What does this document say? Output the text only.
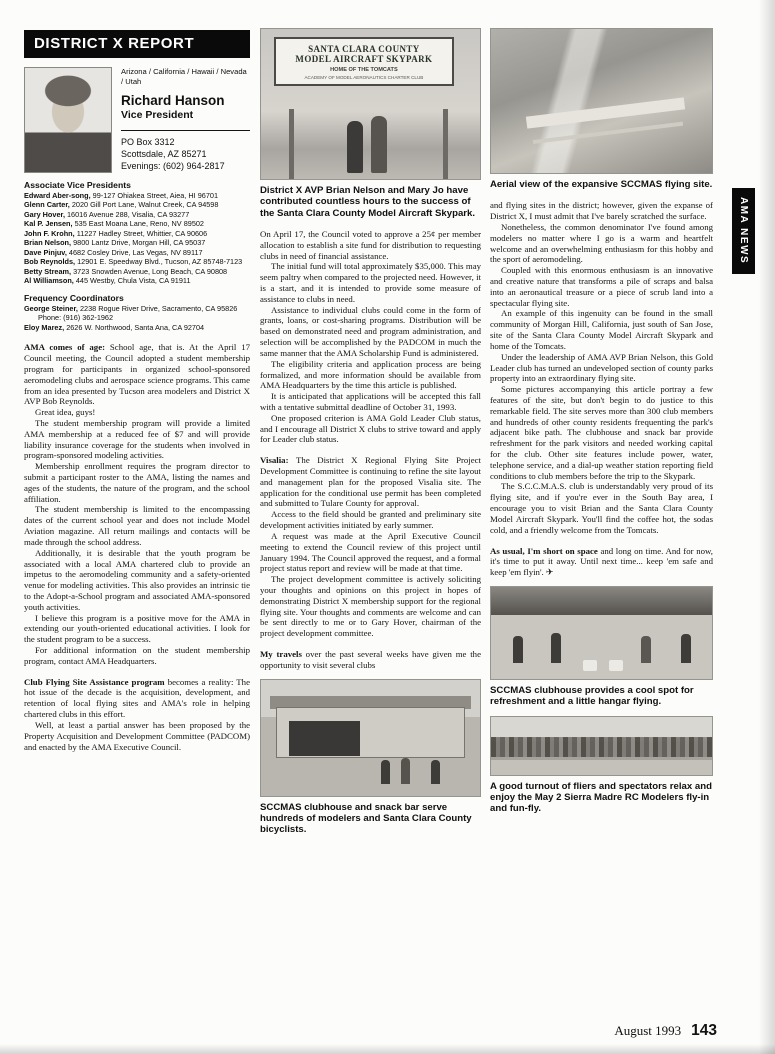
DISTRICT X REPORT
Arizona / California / Hawaii / Nevada / Utah
Richard Hanson
Vice President
PO Box 3312
Scottsdale, AZ 85271
Evenings: (602) 964-2817
Associate Vice Presidents
Edward Aber-song, 99-127 Ohiakea Street, Aiea, HI 96701
Glenn Carter, 2020 Gill Port Lane, Walnut Creek, CA 94598
Gary Hover, 16016 Avenue 288, Visalia, CA 93277
Kal P. Jensen, 535 East Moana Lane, Reno, NV 89502
John F. Krohn, 11227 Hadley Street, Whittier, CA 90606
Brian Nelson, 9800 Lantz Drive, Morgan Hill, CA 95037
Dave Pinjuv, 4682 Cosley Drive, Las Vegas, NV 89117
Bob Reynolds, 12901 E. Speedway Blvd., Tucson, AZ 85748-7123
Betty Stream, 3723 Snowden Avenue, Long Beach, CA 90808
Al Williamson, 445 Westby, Chula Vista, CA 91911
Frequency Coordinators
George Steiner, 2238 Rogue River Drive, Sacramento, CA 95826 Phone: (916) 362-1962
Eloy Marez, 2626 W. Northwood, Santa Ana, CA 92704

AMA comes of age: School age, that is. At the April 17 Council meeting, the Council adopted a student membership program for participants in organized school-sponsored aeromodeling clubs and aerospace science programs. This came from an idea presented by Tucson area modelers and District X AVP Bob Reynolds.

Great idea, guys!

The student membership program will provide a limited AMA membership at a reduced fee of $7 and will provide liability insurance coverage for the students when involved in program-sponsored modeling activities.

Membership enrollment requires the program director to submit a participant roster to the AMA, listing the names and ages of the students, the nature of the program, and the school affiliation.

The student membership is limited to the encompassing dates of the current school year and does not include Model Aviation magazine. All return mailings and contacts will be made through the school address.

Additionally, it is desirable that the youth program be associated with a local AMA chartered club to provide an impetus to the aeromodeling community and a safety-oriented venue for modeling activities. This also provides an intrinsic tie to the Adopt-a-School program and associated AMA-sponsored youth activities.

I believe this program is a positive move for the AMA in extending our youth-oriented educational activities. I look for the student program to be a success.

For additional information on the student membership program, contact AMA Headquarters.

Club Flying Site Assistance program becomes a reality: The hot issue of the decade is the acquisition, development, and retention of local flying sites and AMA's role in helping chartered clubs in this effort.

Well, at least a partial answer has been proposed by the Property Acquisition and Development Committee (PADCOM) and enacted by the AMA Executive Council.

SANTA CLARA COUNTY
MODEL AIRCRAFT SKYPARK
HOME OF THE TOMCATS
ACADEMY OF MODEL AERONAUTICS CHARTER CLUB

District X AVP Brian Nelson and Mary Jo have contributed countless hours to the success of the Santa Clara County Model Aircraft Skypark.

On April 17, the Council voted to approve a 25¢ per member allocation to establish a site fund for distribution to requesting clubs in need of financial assistance.

The initial fund will total approximately $35,000. This may seem paltry when compared to the projected need. However, it is a start, and it is intended to provide some measure of assistance to clubs in need.

Assistance to individual clubs could come in the form of grants, loans, or cost-sharing programs. Distribution will be based on demonstrated need and program administration, and selection will be accomplished by the PADCOM in much the same manner that the AMA Scholarship Fund is administered.

The eligibility criteria and application process are being formalized, and more information should be available from AMA Headquarters by the time this article is published.

It is anticipated that applications will be accepted this fall with a tentative submittal deadline of October 31, 1993.

One proposed criterion is AMA Gold Leader Club status, and I encourage all District X clubs to strive toward and apply for Leader club status.

Visalia: The District X Regional Flying Site Project Development Committee is continuing to refine the site layout and management plan for the proposed Visalia site. The application for the conditional use permit has been completed and submitted to Tulare County for approval.

Access to the field should be granted and preliminary site development activities initiated by early summer.

A request was made at the April Executive Council meeting to extend the Council review of this project until January 1994. The Council approved the request, and a formal project status report and review will be made at that time.

The project development committee is actively soliciting your thoughts and opinions on this project in hopes of demonstrating District X membership support for the regional flying site. Your thoughts and comments are welcome and can be sent directly to me or to Gary Hover, chairman of the project development committee.

My travels over the past several weeks have given me the opportunity to visit several clubs

SCCMAS clubhouse and snack bar serve hundreds of modelers and Santa Clara County bicyclists.

Aerial view of the expansive SCCMAS flying site.

and flying sites in the district; however, given the expanse of District X, I must admit that I've barely scratched the surface.

Nonetheless, the common denominator I've found among modelers no matter where I go is a warm and heartfelt welcome and an overwhelming enthusiasm for this hobby and the sport of aeromodeling.

Coupled with this enormous enthusiasm is an innovative and creative nature that transforms a pile of scraps and balsa into an aeronautical treasure or a piece of scrub land into a spectacular flying site.

An example of this ingenuity can be found in the small community of Morgan Hill, California, just south of San Jose, site of the Santa Clara County Model Aircraft Skypark and home of the Tomcats.

Under the leadership of AMA AVP Brian Nelson, this Gold Leader club has turned an undeveloped section of county parks property into an extraordinary flying site.

Some pictures accompanying this article portray a few features of the site, but don't begin to do justice to this remarkable field. The site serves more than 300 club members and hundreds of other county residents frequenting the park's adjacent bike path. The clubhouse and snack bar provide refreshment for the park visitors and needed working capital for the club. Other site features include power, water, telephone service, and a dial-up weather station reporting field conditions to club members before the trip to the Skypark.

The S.C.C.M.A.S. club is understandably very proud of its flying site, and if you're ever in the South Bay area, I encourage you to visit Brian and the Santa Clara County Model Aircraft Skypark. You'll find the coffee hot, the sodas cold, and a friendly welcome from the Tomcats.

As usual, I'm short on space and long on time. And for now, it's time to put it away. Until next time... keep 'em safe and keep 'em flyin'. ✈

SCCMAS clubhouse provides a cool spot for refreshment and a little hangar flying.

A good turnout of fliers and spectators relax and enjoy the May 2 Sierra Madre RC Modelers fly-in and fun-fly.

AMA NEWS
August 1993 143
